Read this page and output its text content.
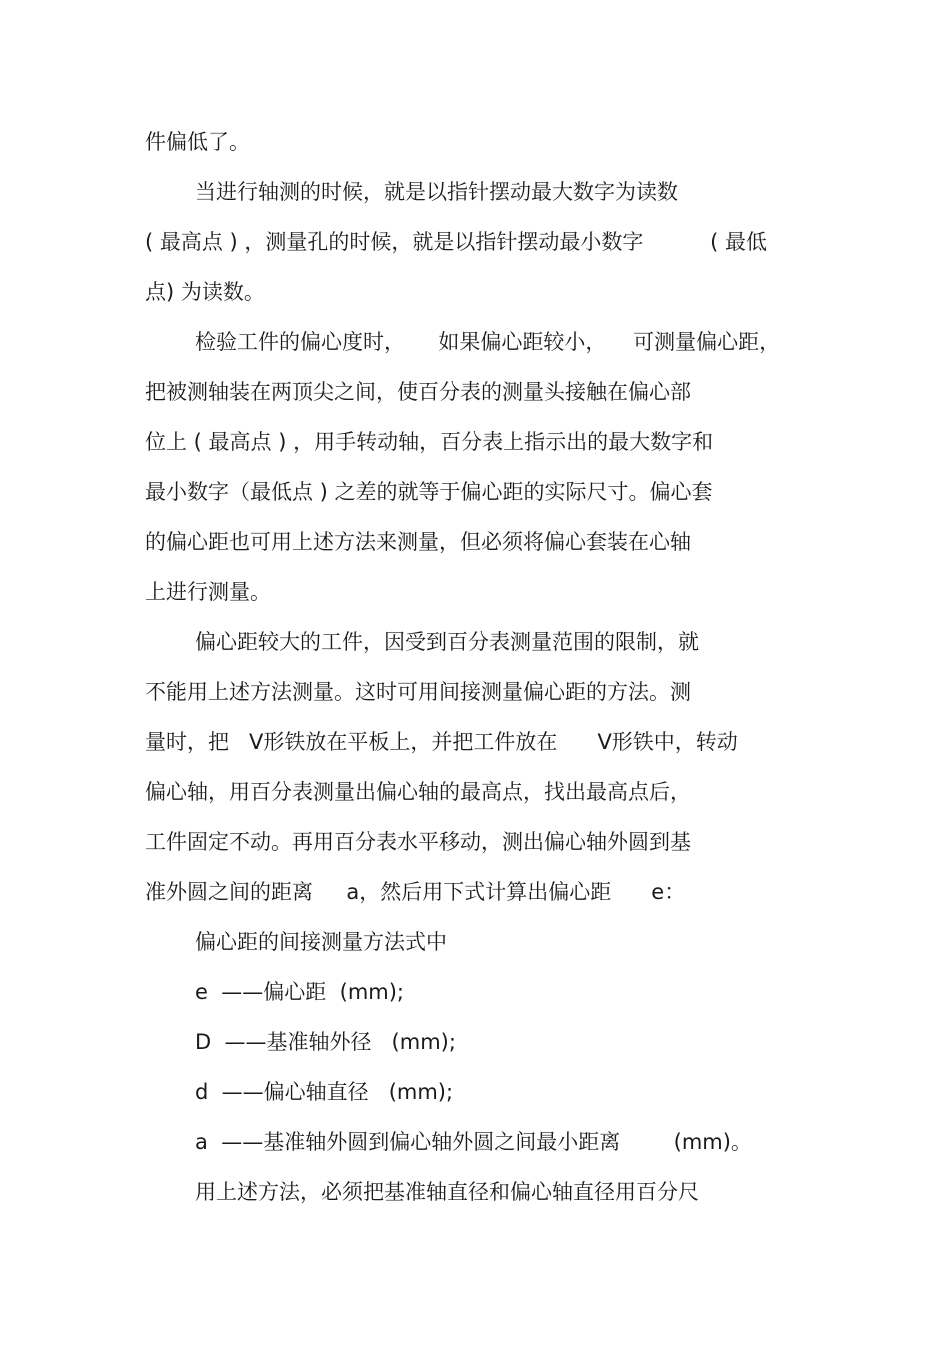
件偏低了。
当进行轴测的时候，就是以指针摆动最大数字为读数
( 最高点 ) ，测量孔的时候，就是以指针摆动最小数字          ( 最低
点) 为读数。
检验工件的偏心度时，     如果偏心距较小，    可测量偏心距，
把被测轴装在两顶尖之间，使百分表的测量头接触在偏心部
位上 ( 最高点 ) ，用手转动轴，百分表上指示出的最大数字和
最小数字（最低点 ) 之差的就等于偏心距的实际尺寸。偏心套
的偏心距也可用上述方法来测量，但必须将偏心套装在心轴
上进行测量。
偏心距较大的工件，因受到百分表测量范围的限制，就
不能用上述方法测量。这时可用间接测量偏心距的方法。测
量时，把   V形铁放在平板上，并把工件放在      V形铁中，转动
偏心轴，用百分表测量出偏心轴的最高点，找出最高点后，
工件固定不动。再用百分表水平移动，测出偏心轴外圆到基
准外圆之间的距离     a，然后用下式计算出偏心距      e：
偏心距的间接测量方法式中
e  ——偏心距  (mm);
D  ——基准轴外径   (mm);
d  ——偏心轴直径   (mm);
a  ——基准轴外圆到偏心轴外圆之间最小距离        (mm)。
用上述方法，必须把基准轴直径和偏心轴直径用百分尺
